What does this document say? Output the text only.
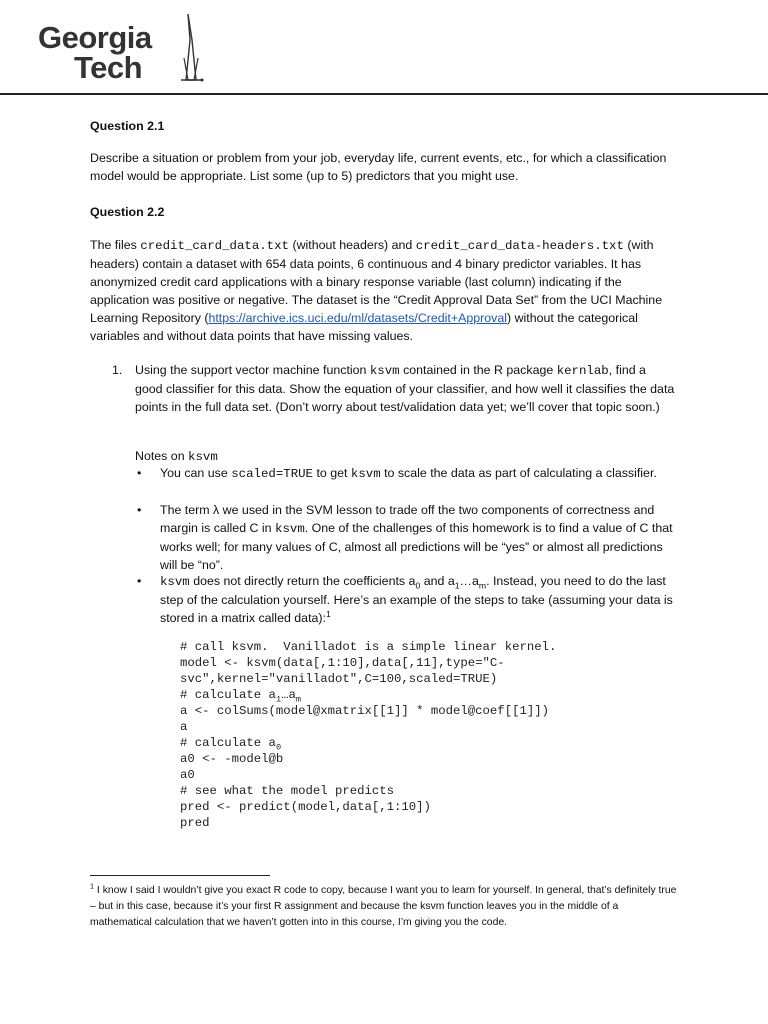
Georgia
Tech

Question 2.1

Describe a situation or problem from your job, everyday life, current events, etc., for which a classification model would be appropriate. List some (up to 5) predictors that you might use.

Question 2.2

The files credit_card_data.txt (without headers) and credit_card_data-headers.txt (with headers) contain a dataset with 654 data points, 6 continuous and 4 binary predictor variables. It has anonymized credit card applications with a binary response variable (last column) indicating if the application was positive or negative. The dataset is the “Credit Approval Data Set” from the UCI Machine Learning Repository (https://archive.ics.uci.edu/ml/datasets/Credit+Approval) without the categorical variables and without data points that have missing values.

1. Using the support vector machine function ksvm contained in the R package kernlab, find a good classifier for this data. Show the equation of your classifier, and how well it classifies the data points in the full data set. (Don’t worry about test/validation data yet; we’ll cover that topic soon.)

Notes on ksvm

• You can use scaled=TRUE to get ksvm to scale the data as part of calculating a classifier.

• The term λ we used in the SVM lesson to trade off the two components of correctness and margin is called C in ksvm. One of the challenges of this homework is to find a value of C that works well; for many values of C, almost all predictions will be “yes” or almost all predictions will be “no”.

• ksvm does not directly return the coefficients $a_0$ and $a_1\dots a_m$. Instead, you need to do the last step of the calculation yourself. Here’s an example of the steps to take (assuming your data is stored in a matrix called data):$^1$

# call ksvm.  Vanilladot is a simple linear kernel.
model <- ksvm(data[,1:10],data[,11],type="C-
svc",kernel="vanilladot",C=100,scaled=TRUE)
# calculate $a_1\dots a_m$
a <- colSums(model@xmatrix[[1]] * model@coef[[1]])
a
# calculate $a_0$
a0 <- -model@b
a0
# see what the model predicts
pred <- predict(model,data[,1:10])
pred

$^1$ I know I said I wouldn’t give you exact R code to copy, because I want you to learn for yourself. In general, that’s definitely true – but in this case, because it’s your first R assignment and because the ksvm function leaves you in the middle of a mathematical calculation that we haven’t gotten into in this course, I’m giving you the code.
